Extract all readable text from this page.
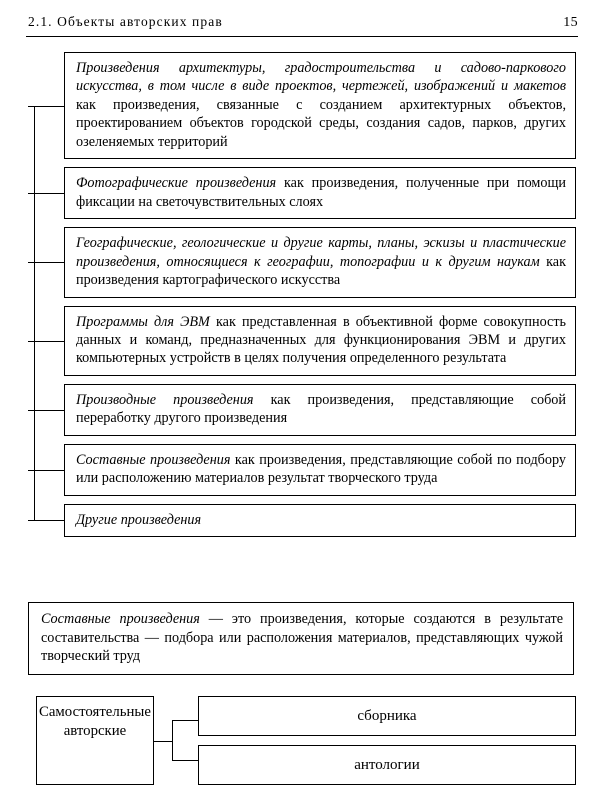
2.1. Объекты авторских прав	15

Произведения архитектуры, градостроительства и садово-паркового искусства, в том числе в виде проектов, чертежей, изображений и макетов как произведения, связанные с созданием архитектурных объектов, проектированием объектов городской среды, создания садов, парков, других озеленяемых территорий

Фотографические произведения как произведения, полученные при помощи фиксации на светочувствительных слоях

Географические, геологические и другие карты, планы, эскизы и пластические произведения, относящиеся к географии, топографии и к другим наукам как произведения картографического искусства

Программы для ЭВМ как представленная в объективной форме совокупность данных и команд, предназначенных для функционирования ЭВМ и других компьютерных устройств в целях получения определенного результата

Производные произведения как произведения, представляющие собой переработку другого произведения

Составные произведения как произведения, представляющие собой по подбору или расположению материалов результат творческого труда

Другие произведения

Составные произведения — это произведения, которые создаются в результате составительства — подбора или расположения материалов, представляющих чужой творческий труд
Самостоятельные авторские
сборника
антологии
